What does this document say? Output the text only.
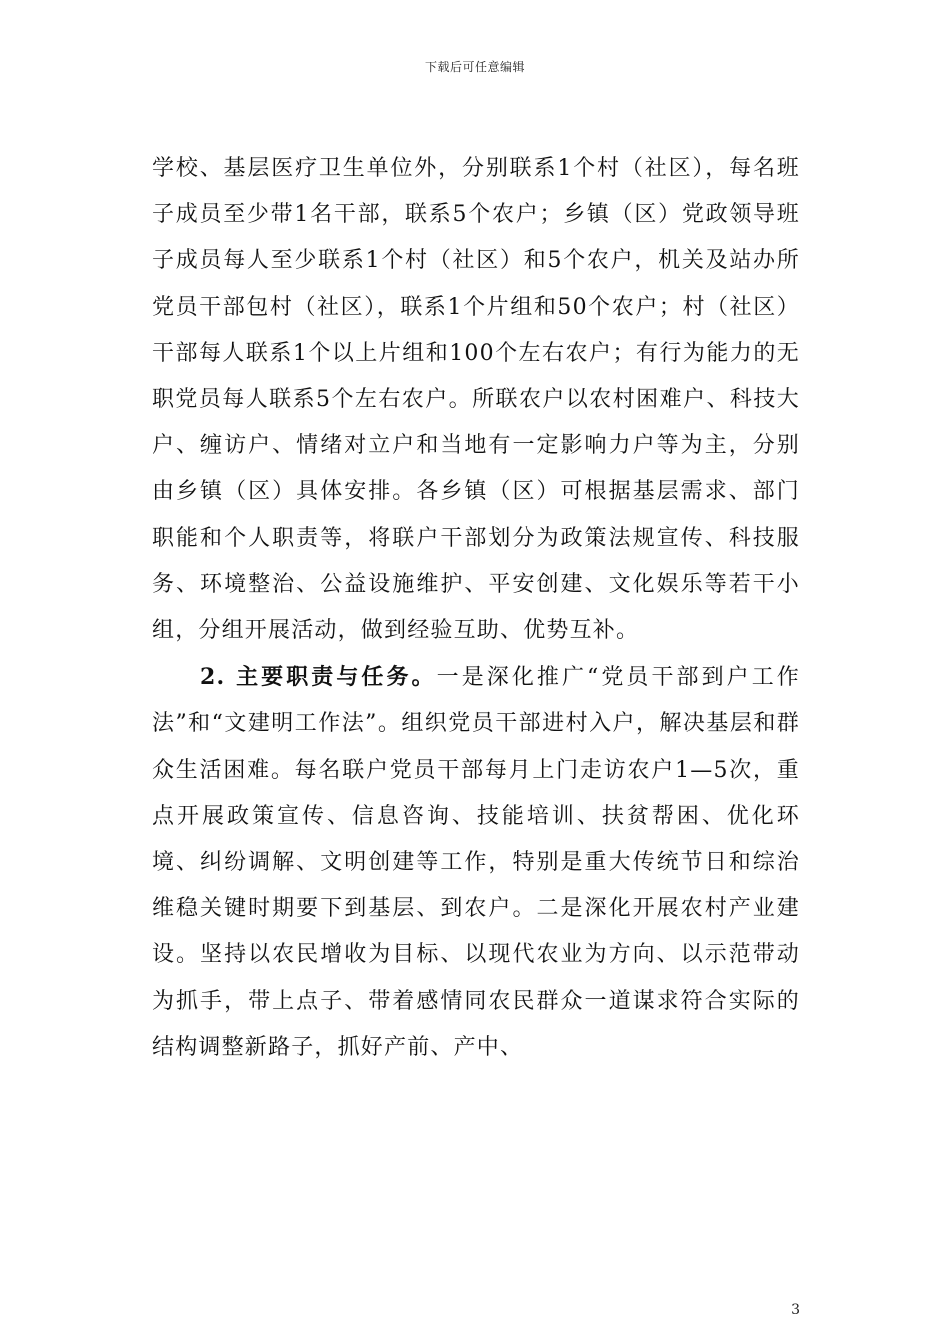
下载后可任意编辑

学校、基层医疗卫生单位外，分别联系1个村（社区），每名班子成员至少带1名干部，联系5个农户；乡镇（区）党政领导班子成员每人至少联系1个村（社区）和5个农户，机关及站办所党员干部包村（社区），联系1个片组和50个农户；村（社区）干部每人联系1个以上片组和100个左右农户；有行为能力的无职党员每人联系5个左右农户。所联农户以农村困难户、科技大户、缠访户、情绪对立户和当地有一定影响力户等为主，分别由乡镇（区）具体安排。各乡镇（区）可根据基层需求、部门职能和个人职责等，将联户干部划分为政策法规宣传、科技服务、环境整治、公益设施维护、平安创建、文化娱乐等若干小组，分组开展活动，做到经验互助、优势互补。

2. 主要职责与任务。一是深化推广“党员干部到户工作法”和“文建明工作法”。组织党员干部进村入户，解决基层和群众生活困难。每名联户党员干部每月上门走访农户1—5次，重点开展政策宣传、信息咨询、技能培训、扶贫帮困、优化环境、纠纷调解、文明创建等工作，特别是重大传统节日和综治维稳关键时期要下到基层、到农户。二是深化开展农村产业建设。坚持以农民增收为目标、以现代农业为方向、以示范带动为抓手，带上点子、带着感情同农民群众一道谋求符合实际的结构调整新路子，抓好产前、产中、

3
